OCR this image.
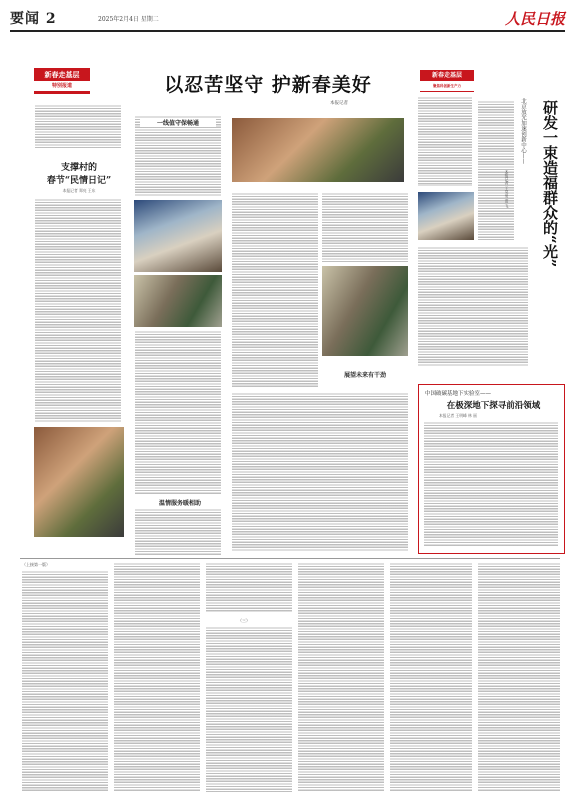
要闻 2	2025年2月4日 星期二	人民日报
新春走基层
特别报道	以忍苦坚守 护新春美好
本报记者
支撑村的
春节“民情日记”
本报记者 郑亮 王东
一线值守保畅通
温情服务暖相助
展望未来有干劲
新春走基层
聚焦科创新生产力
北京放光加速创新中心——	研发一束造福群众的“光”
本报记者 王昊男 贾 飞
中国破碳基地下实验室——
在极深地下探寻前沿领域
本报记者 王明峰 林 丽
（上接第一版）
（三）
